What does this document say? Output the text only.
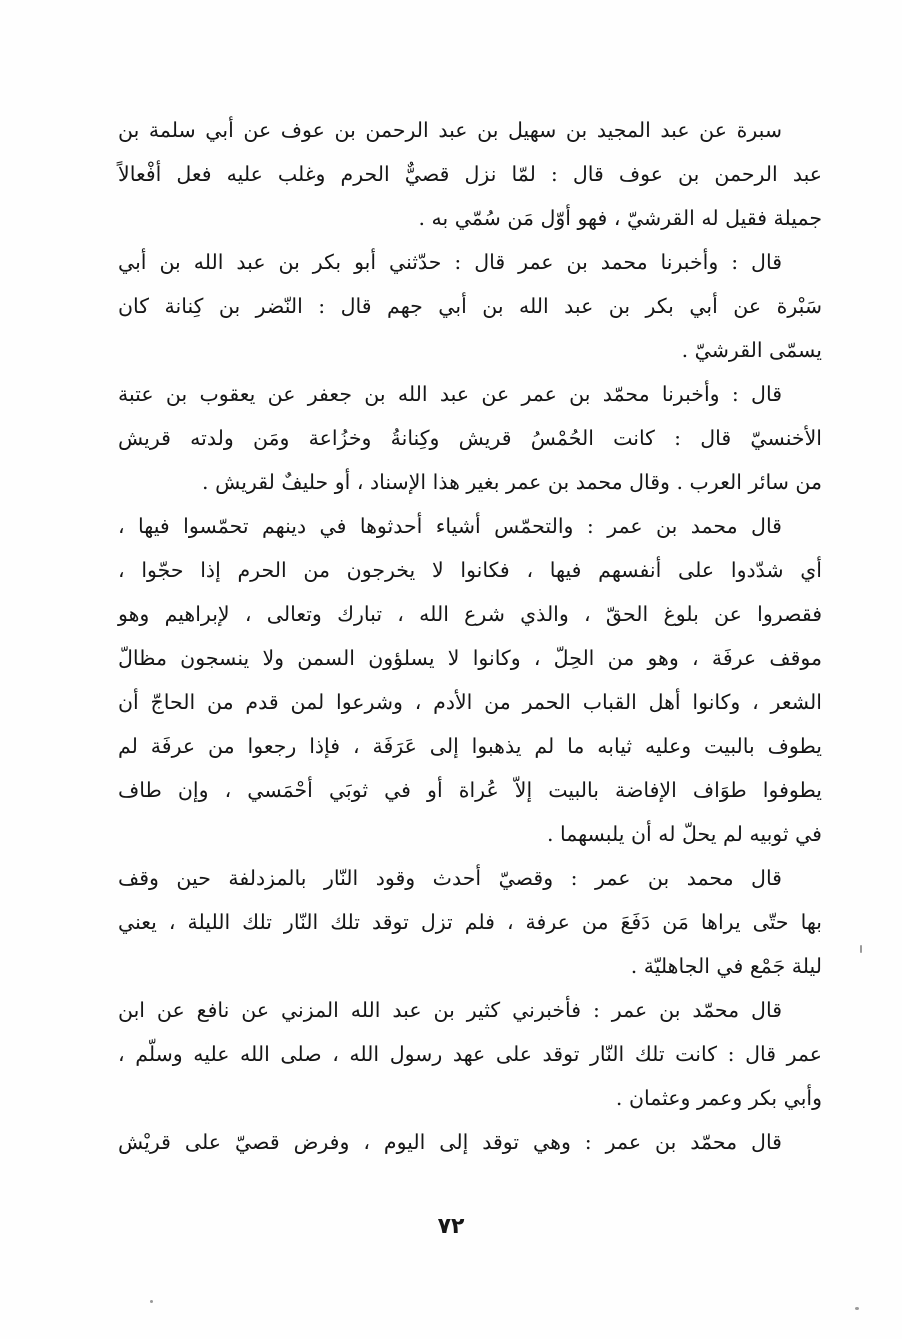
سبرة عن عبد المجيد بن سهيل بن عبد الرحمن بن عوف عن أبي سلمة بن
عبد الرحمن بن عوف قال : لمّا نزل قصيٌّ الحرم وغلب عليه فعل أفْعالاً
جميلة فقيل له القرشيّ ، فهو أوّل مَن سُمّي به .
قال : وأخبرنا محمد بن عمر قال : حدّثني أبو بكر بن عبد الله بن أبي
سَبْرة عن أبي بكر بن عبد الله بن أبي جهم قال : النّضر بن كِنانة كان
يسمّى القرشيّ .
قال : وأخبرنا محمّد بن عمر عن عبد الله بن جعفر عن يعقوب بن عتبة
الأخنسيّ قال : كانت الحُمْسُ قريش وكِنانةُ وخزُاعة ومَن ولدته قريش
من سائر العرب . وقال محمد بن عمر بغير هذا الإسناد ، أو حليفٌ لقريش .
قال محمد بن عمر : والتحمّس أشياء أحدثوها في دينهم تحمّسوا فيها ،
أي شدّدوا على أنفسهم فيها ، فكانوا لا يخرجون من الحرم إذا حجّوا ،
فقصروا عن بلوغ الحقّ ، والذي شرع الله ، تبارك وتعالى ، لإبراهيم وهو
موقف عرفَة ، وهو من الحِلّ ، وكانوا لا يسلؤون السمن ولا ينسجون مظالّ
الشعر ، وكانوا أهل القباب الحمر من الأدم ، وشرعوا لمن قدم من الحاجّ أن
يطوف بالبيت وعليه ثيابه ما لم يذهبوا إلى عَرَفَة ، فإذا رجعوا من عرفَة لم
يطوفوا طوَاف الإفاضة بالبيت إلاّ عُراة أو في ثوبَي أحْمَسي ، وإن طاف
في ثوبيه لم يحلّ له أن يلبسهما .
قال محمد بن عمر : وقصيّ أحدث وقود النّار بالمزدلفة حين وقف
بها حتّى يراها مَن دَفَعَ من عرفة ، فلم تزل توقد تلك النّار تلك الليلة ، يعني
ليلة جَمْع في الجاهليّة .
قال محمّد بن عمر : فأخبرني كثير بن عبد الله المزني عن نافع عن ابن
عمر قال : كانت تلك النّار توقد على عهد رسول الله ، صلى الله عليه وسلّم ،
وأبي بكر وعمر وعثمان .
قال محمّد بن عمر : وهي توقد إلى اليوم ، وفرض قصيّ على قريْش
٧٢
